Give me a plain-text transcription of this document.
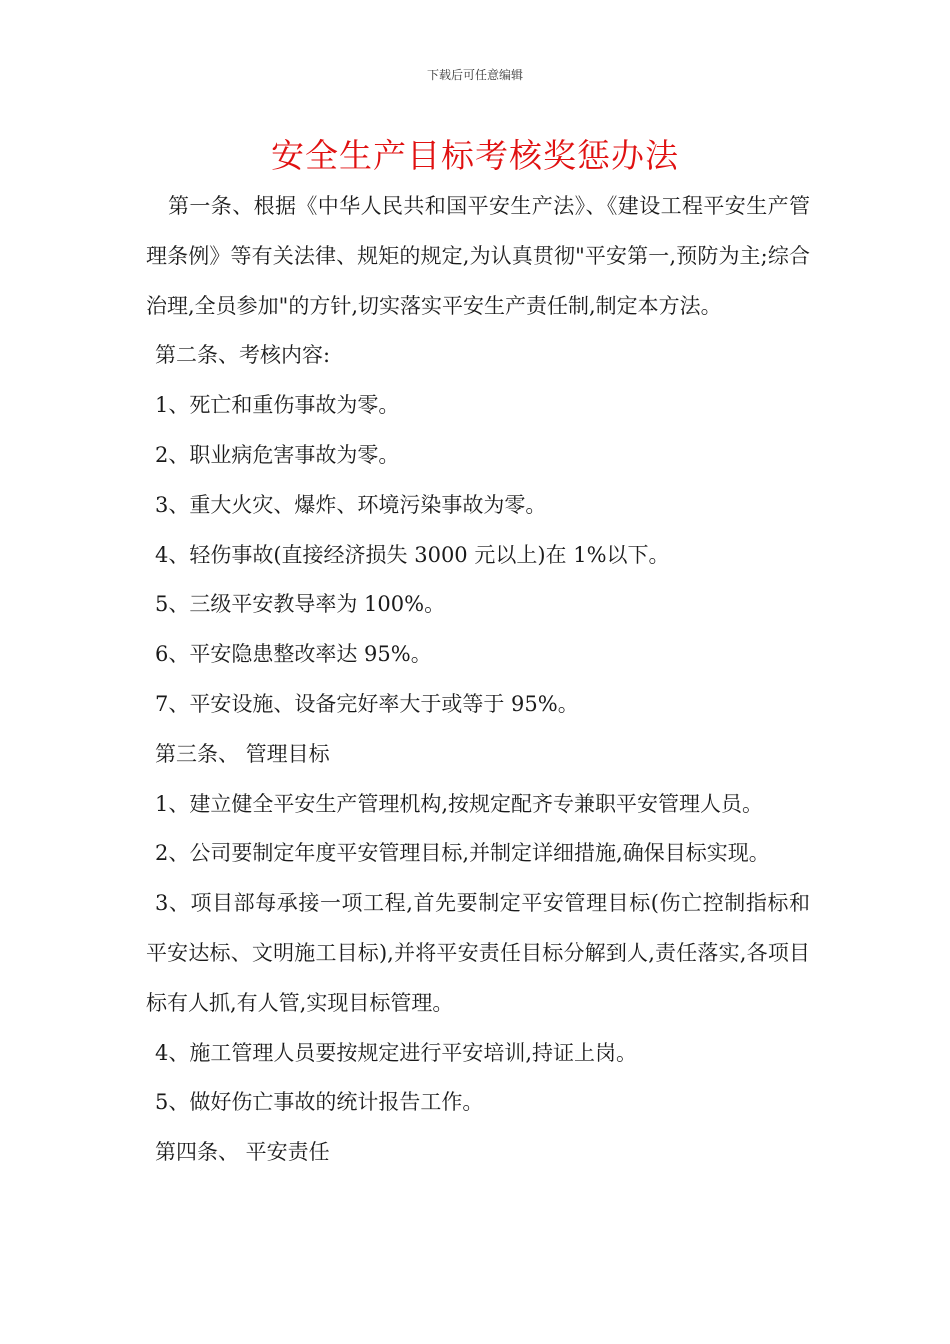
下载后可任意编辑
安全生产目标考核奖惩办法

第一条、根据《中华人民共和国平安生产法》、《建设工程平安生产管理条例》等有关法律、规矩的规定,为认真贯彻"平安第一,预防为主;综合治理,全员参加"的方针,切实落实平安生产责任制,制定本方法。

第二条、考核内容:

1、死亡和重伤事故为零。

2、职业病危害事故为零。

3、重大火灾、爆炸、环境污染事故为零。

4、轻伤事故(直接经济损失 3000 元以上)在 1%以下。

5、三级平安教导率为 100%。

6、平安隐患整改率达 95%。

7、平安设施、设备完好率大于或等于 95%。

第三条、 管理目标

1、建立健全平安生产管理机构,按规定配齐专兼职平安管理人员。

2、公司要制定年度平安管理目标,并制定详细措施,确保目标实现。

3、项目部每承接一项工程,首先要制定平安管理目标(伤亡控制指标和平安达标、文明施工目标),并将平安责任目标分解到人,责任落实,各项目标有人抓,有人管,实现目标管理。

4、施工管理人员要按规定进行平安培训,持证上岗。

5、做好伤亡事故的统计报告工作。

第四条、 平安责任
